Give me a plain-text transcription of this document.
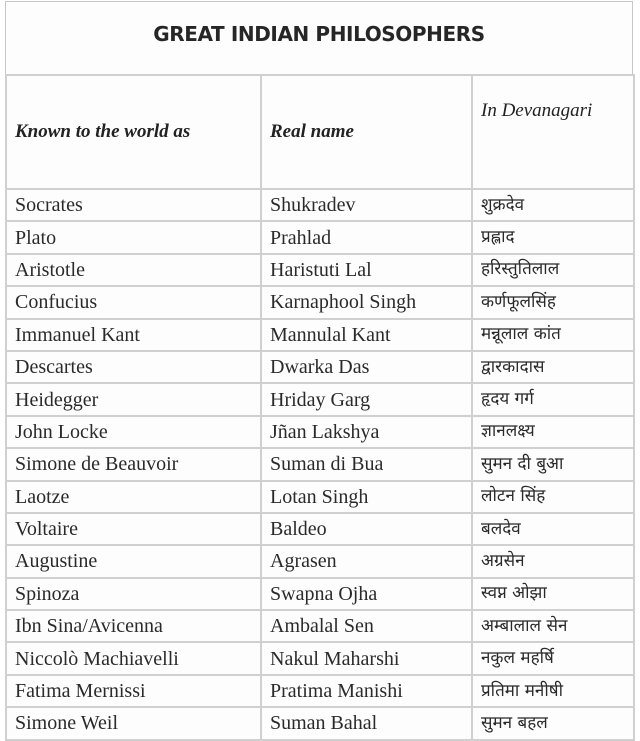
GREAT INDIAN PHILOSOPHERS
Known to the world as	Real name	In Devanagari
Socrates	Shukradev	शुक्रदेव
Plato	Prahlad	प्रह्लाद
Aristotle	Haristuti Lal	हरिस्तुतिलाल
Confucius	Karnaphool Singh	कर्णफूलसिंह
Immanuel Kant	Mannulal Kant	मन्नूलाल कांत
Descartes	Dwarka Das	द्वारकादास
Heidegger	Hriday Garg	हृदय गर्ग
John Locke	Jñan Lakshya	ज्ञानलक्ष्य
Simone de Beauvoir	Suman di Bua	सुमन दी बुआ
Laotze	Lotan Singh	लोटन सिंह
Voltaire	Baldeo	बलदेव
Augustine	Agrasen	अग्रसेन
Spinoza	Swapna Ojha	स्वप्न ओझा
Ibn Sina/Avicenna	Ambalal Sen	अम्बालाल सेन
Niccolò Machiavelli	Nakul Maharshi	नकुल महर्षि
Fatima Mernissi	Pratima Manishi	प्रतिमा मनीषी
Simone Weil	Suman Bahal	सुमन बहल
